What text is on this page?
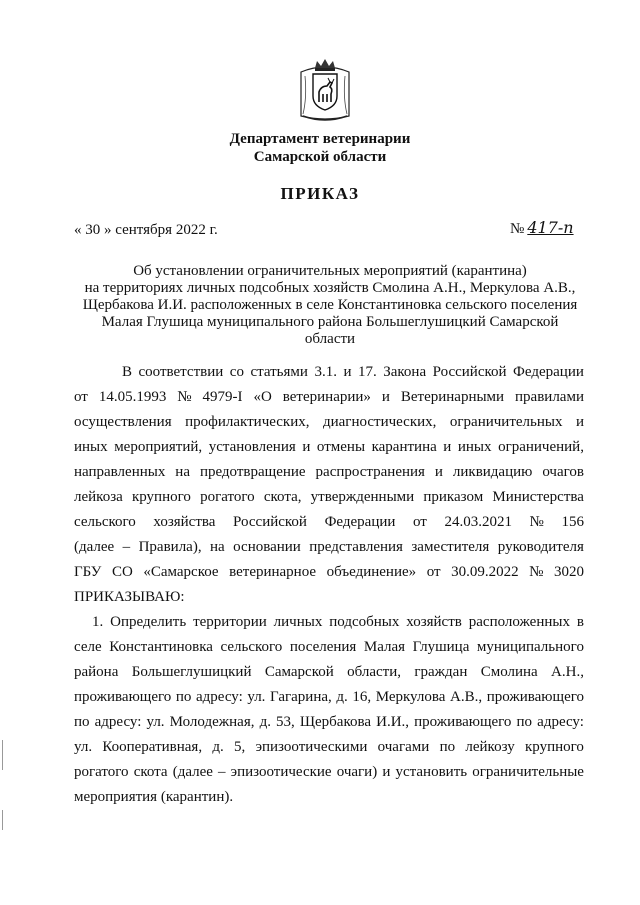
Департамент ветеринарии
Самарской области
ПРИКАЗ
« 30 » сентября 2022 г.	№ 417-п
Об установлении ограничительных мероприятий (карантина)
на территориях личных подсобных хозяйств Смолина А.Н., Меркулова А.В.,
Щербакова И.И. расположенных в селе Константиновка сельского поселения
Малая Глушица муниципального района Большеглушицкий Самарской
области
В соответствии со статьями 3.1. и 17. Закона Российской Федерации
от 14.05.1993 № 4979-I «О ветеринарии» и Ветеринарными правилами
осуществления профилактических, диагностических, ограничительных и
иных мероприятий, установления и отмены карантина и иных ограничений,
направленных на предотвращение распространения и ликвидацию очагов
лейкоза крупного рогатого скота, утвержденными приказом Министерства
сельского хозяйства Российской Федерации от 24.03.2021 № 156
(далее – Правила), на основании представления заместителя руководителя
ГБУ СО «Самарское ветеринарное объединение» от 30.09.2022 № 3020
ПРИКАЗЫВАЮ:

1. Определить территории личных подсобных хозяйств расположенных в
селе Константиновка сельского поселения Малая Глушица муниципального
района Большеглушицкий Самарской области, граждан Смолина А.Н.,
проживающего по адресу: ул. Гагарина, д. 16, Меркулова А.В., проживающего
по адресу: ул. Молодежная, д. 53, Щербакова И.И., проживающего по адресу:
ул. Кооперативная, д. 5, эпизоотическими очагами по лейкозу крупного
рогатого скота (далее – эпизоотические очаги) и установить ограничительные
мероприятия
(карантин).
